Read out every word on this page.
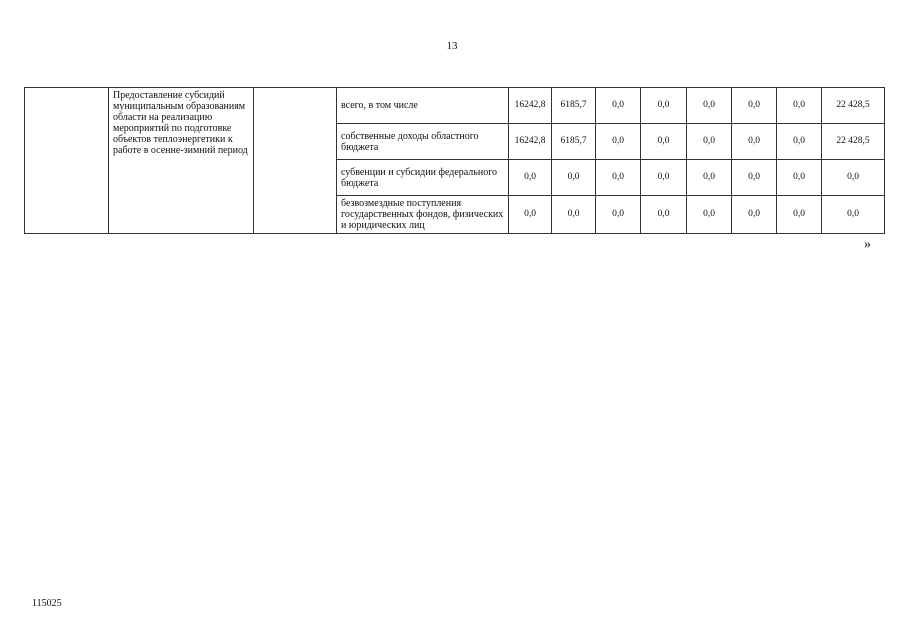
13
	Предоставление субсидий муниципальным образованиям области на реализацию мероприятий по подготовке объектов теплоэнергетики к работе в осенне-зимний период		всего, в том числе	16242,8	6185,7	0,0	0,0	0,0	0,0	0,0	22 428,5
			собственные доходы областного бюджета	16242,8	6185,7	0,0	0,0	0,0	0,0	0,0	22 428,5
			субвенции и субсидии федерального бюджета	0,0	0,0	0,0	0,0	0,0	0,0	0,0	0,0
			безвозмездные поступления государственных фондов, физических и юридических лиц	0,0	0,0	0,0	0,0	0,0	0,0	0,0	0,0
»
115025
